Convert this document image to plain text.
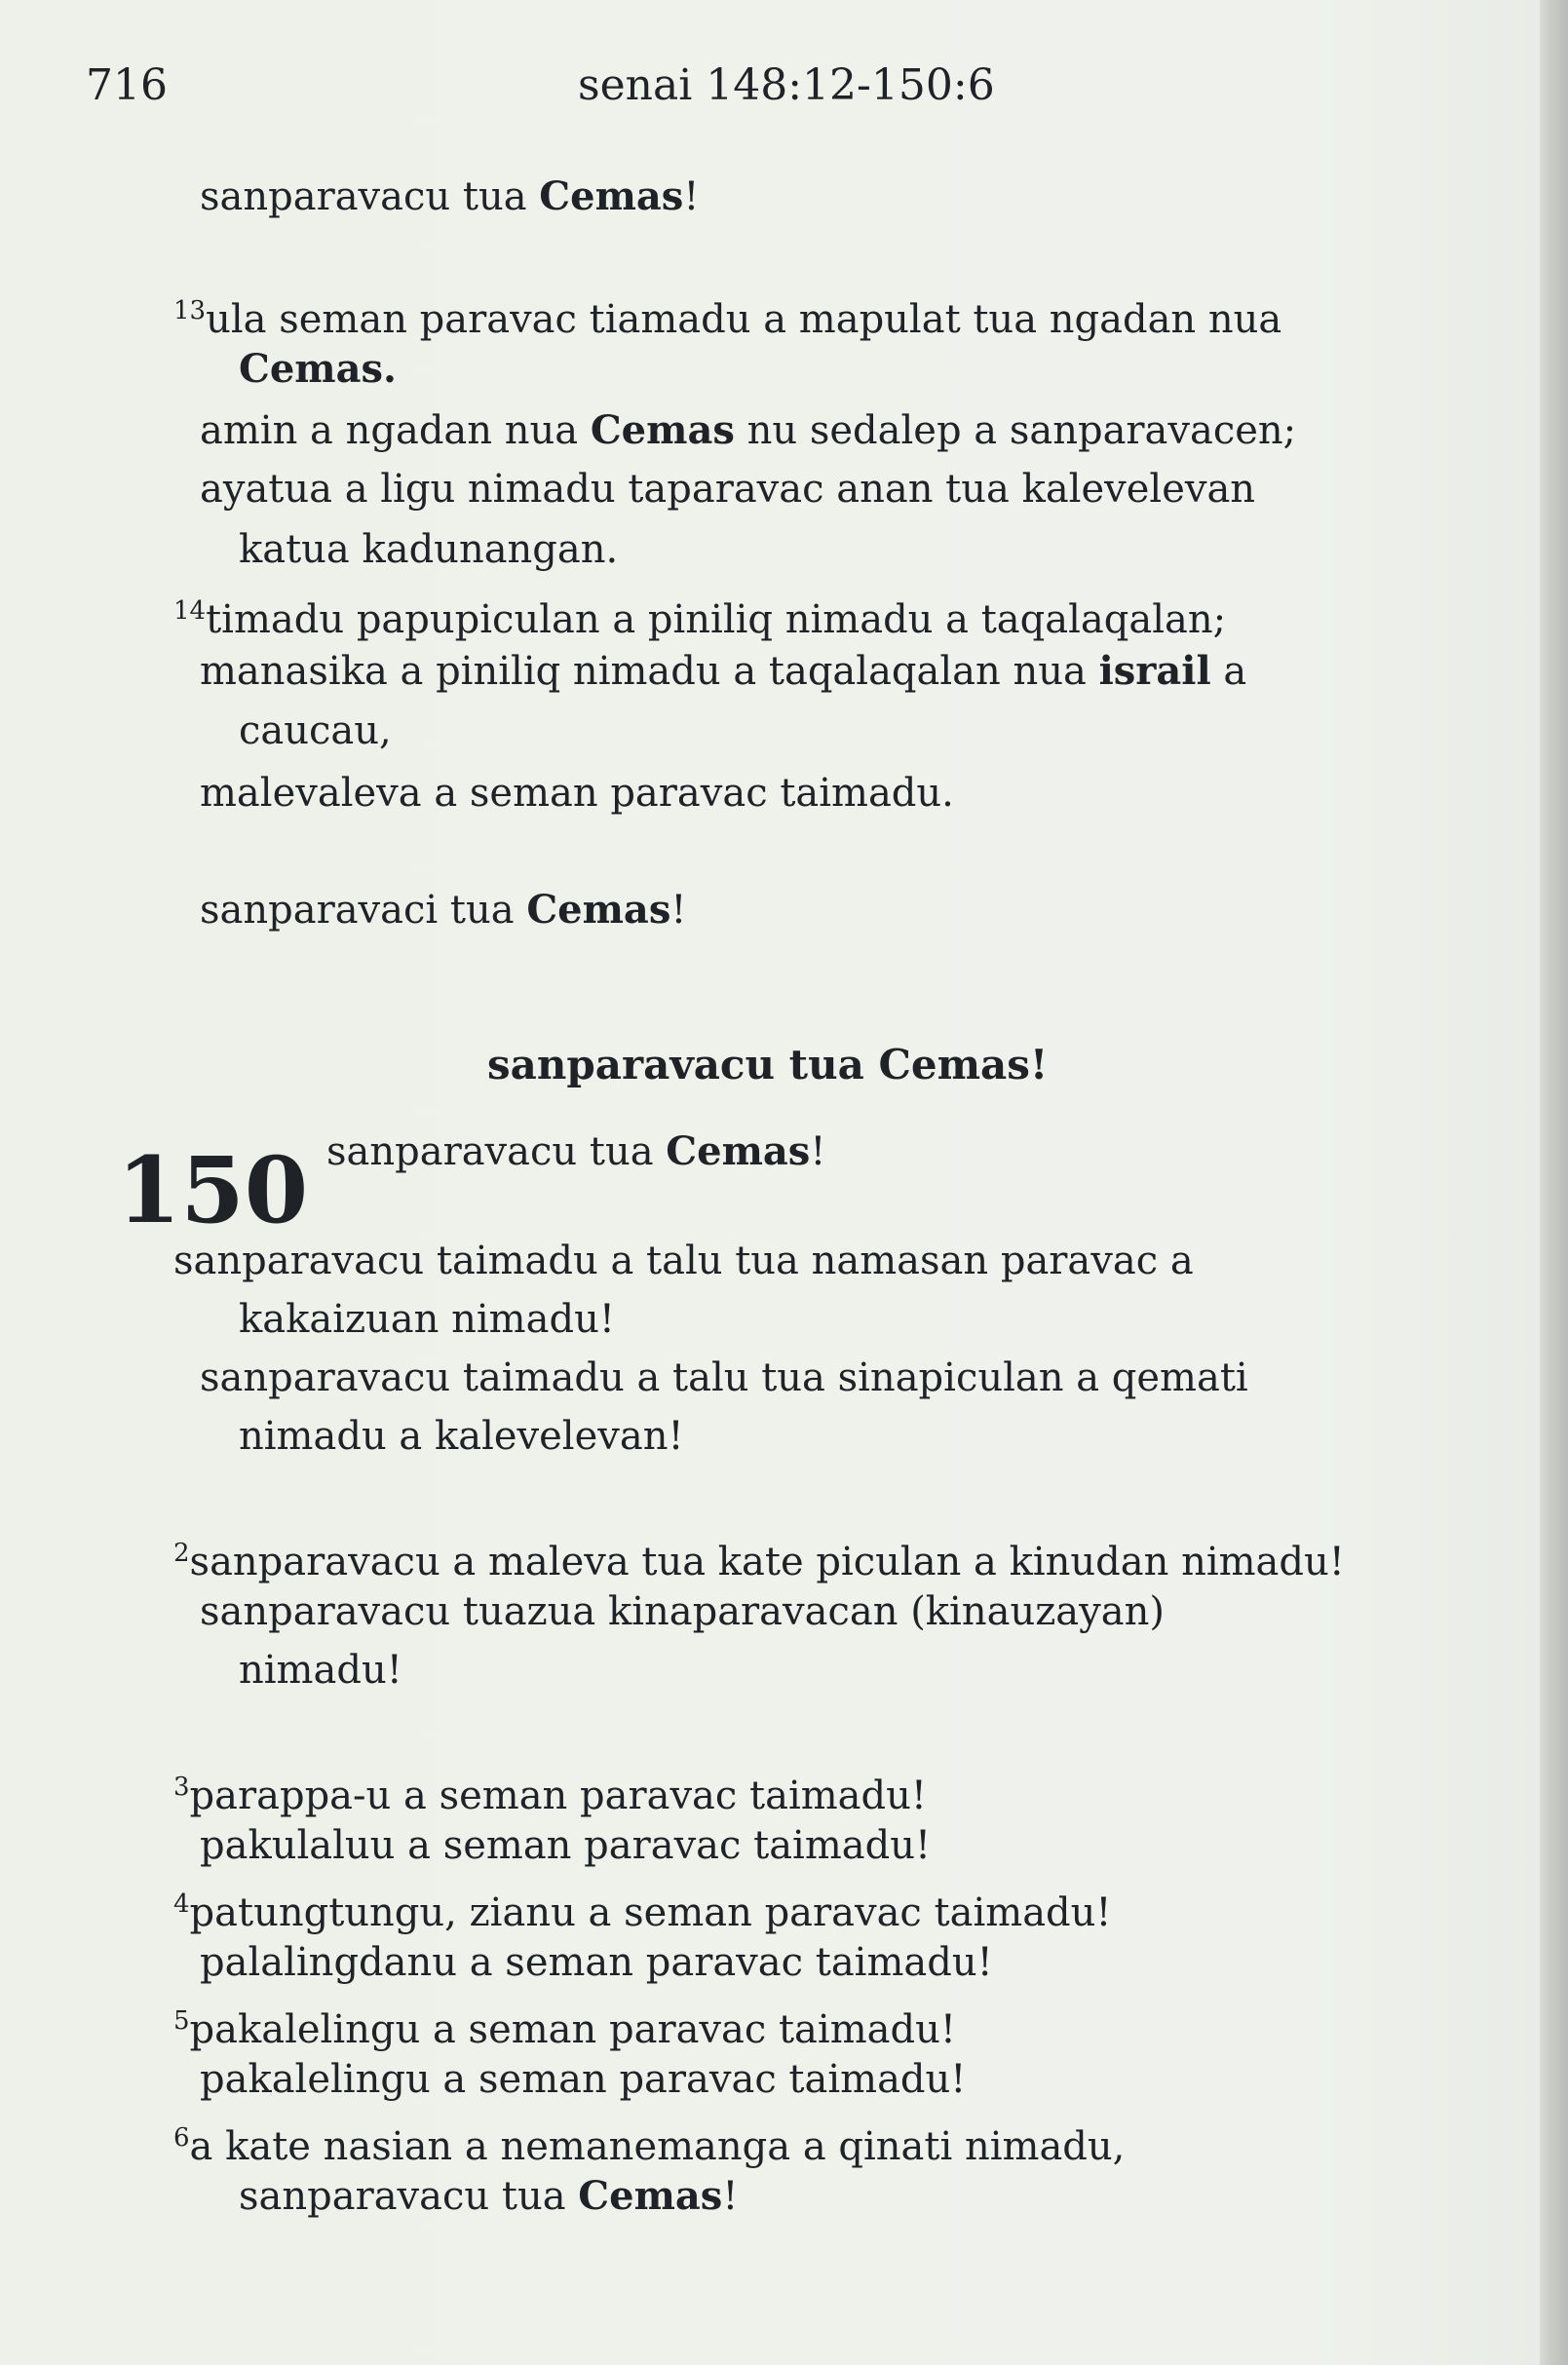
716	senai 148:12-150:6
sanparavacu tua Cemas!
$^{13}$ula seman paravac tiamadu a mapulat tua ngadan nua
Cemas.
amin a ngadan nua Cemas nu sedalep a sanparavacen;
ayatua a ligu nimadu taparavac anan tua kalevelevan
katua kadunangan.
$^{14}$timadu papupiculan a piniliq nimadu a taqalaqalan;
manasika a piniliq nimadu a taqalaqalan nua israil a
caucau,
malevaleva a seman paravac taimadu.
sanparavaci tua Cemas!
sanparavacu tua Cemas!
150 sanparavacu tua Cemas!
sanparavacu taimadu a talu tua namasan paravac a
kakaizuan nimadu!
sanparavacu taimadu a talu tua sinapiculan a qemati
nimadu a kalevelevan!
$^2$sanparavacu a maleva tua kate piculan a kinudan nimadu!
sanparavacu tuazua kinaparavacan (kinauzayan)
nimadu!
$^3$parappa-u a seman paravac taimadu!
pakulaluu a seman paravac taimadu!
$^4$patungtungu, zianu a seman paravac taimadu!
palalingdanu a seman paravac taimadu!
$^5$pakalelingu a seman paravac taimadu!
pakalelingu a seman paravac taimadu!
$^6$a kate nasian a nemanemanga a qinati nimadu,
sanparavacu tua Cemas!
